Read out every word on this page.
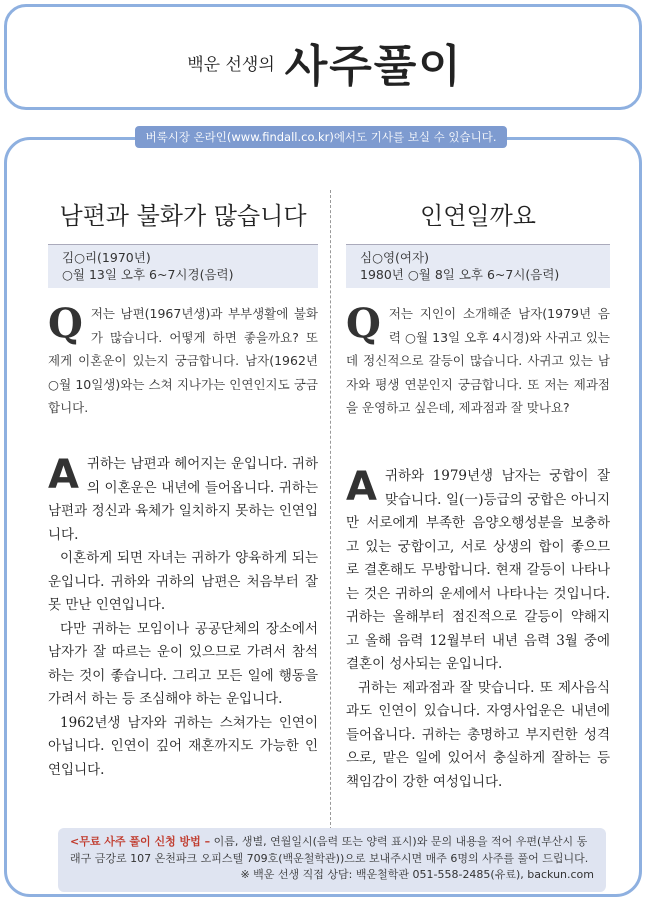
백운 선생의 사주풀이
버룩시장 온라인(www.findall.co.kr)에서도 기사를 보실 수 있습니다.
남편과 불화가 많습니다
김○리(1970년)
○월 13일 오후 6~7시경(음력)
Q 저는 남편(1967년생)과 부부생활에 불화가 많습니다. 어떻게 하면 좋을까요? 또 제게 이혼운이 있는지 궁금합니다. 남자(1962년 ○월 10일생)와는 스쳐 지나가는 인연인지도 궁금합니다.

A귀하는 남편과 헤어지는 운입니다. 귀하의 이혼운은 내년에 들어옵니다. 귀하는 남편과 정신과 육체가 일치하지 못하는 인연입니다.

이혼하게 되면 자녀는 귀하가 양육하게 되는 운입니다. 귀하와 귀하의 남편은 처음부터 잘 못 만난 인연입니다.

다만 귀하는 모임이나 공공단체의 장소에서 남자가 잘 따르는 운이 있으므로 가려서 참석하는 것이 좋습니다. 그리고 모든 일에 행동을 가려서 하는 등 조심해야 하는 운입니다.

1962년생 남자와 귀하는 스쳐가는 인연이 아닙니다. 인연이 깊어 재혼까지도 가능한 인연입니다.

인연일까요
심○영(여자)
1980년 ○월 8일 오후 6~7시(음력)
Q 저는 지인이 소개해준 남자(1979년 음력 ○월 13일 오후 4시경)와 사귀고 있는데 정신적으로 갈등이 많습니다. 사귀고 있는 남자와 평생 연분인지 궁금합니다. 또 저는 제과점을 운영하고 싶은데, 제과점과 잘 맞나요?

A귀하와 1979년생 남자는 궁합이 잘 맞습니다. 일(一)등급의 궁합은 아니지만 서로에게 부족한 음양오행성분을 보충하고 있는 궁합이고, 서로 상생의 합이 좋으므로 결혼해도 무방합니다. 현재 갈등이 나타나는 것은 귀하의 운세에서 나타나는 것입니다. 귀하는 올해부터 점진적으로 갈등이 약해지고 올해 음력 12월부터 내년 음력 3월 중에 결혼이 성사되는 운입니다.

귀하는 제과점과 잘 맞습니다. 또 제사음식과도 인연이 있습니다. 자영사업운은 내년에 들어옵니다. 귀하는 총명하고 부지런한 성격으로, 맡은 일에 있어서 충실하게 잘하는 등 책임감이 강한 여성입니다.

<무료 사주 풀이 신청 방법 – 이름, 생별, 연월일시(음력 또는 양력 표시)와 문의 내용을 적어 우편(부산시 동래구 금강로 107 온천파크 오피스텔 709호(백운철학관))으로 보내주시면 매주 6명의 사주를 풀어 드립니다.
※ 백운 선생 직접 상담: 백운철학관 051-558-2485(유료), backun.com
